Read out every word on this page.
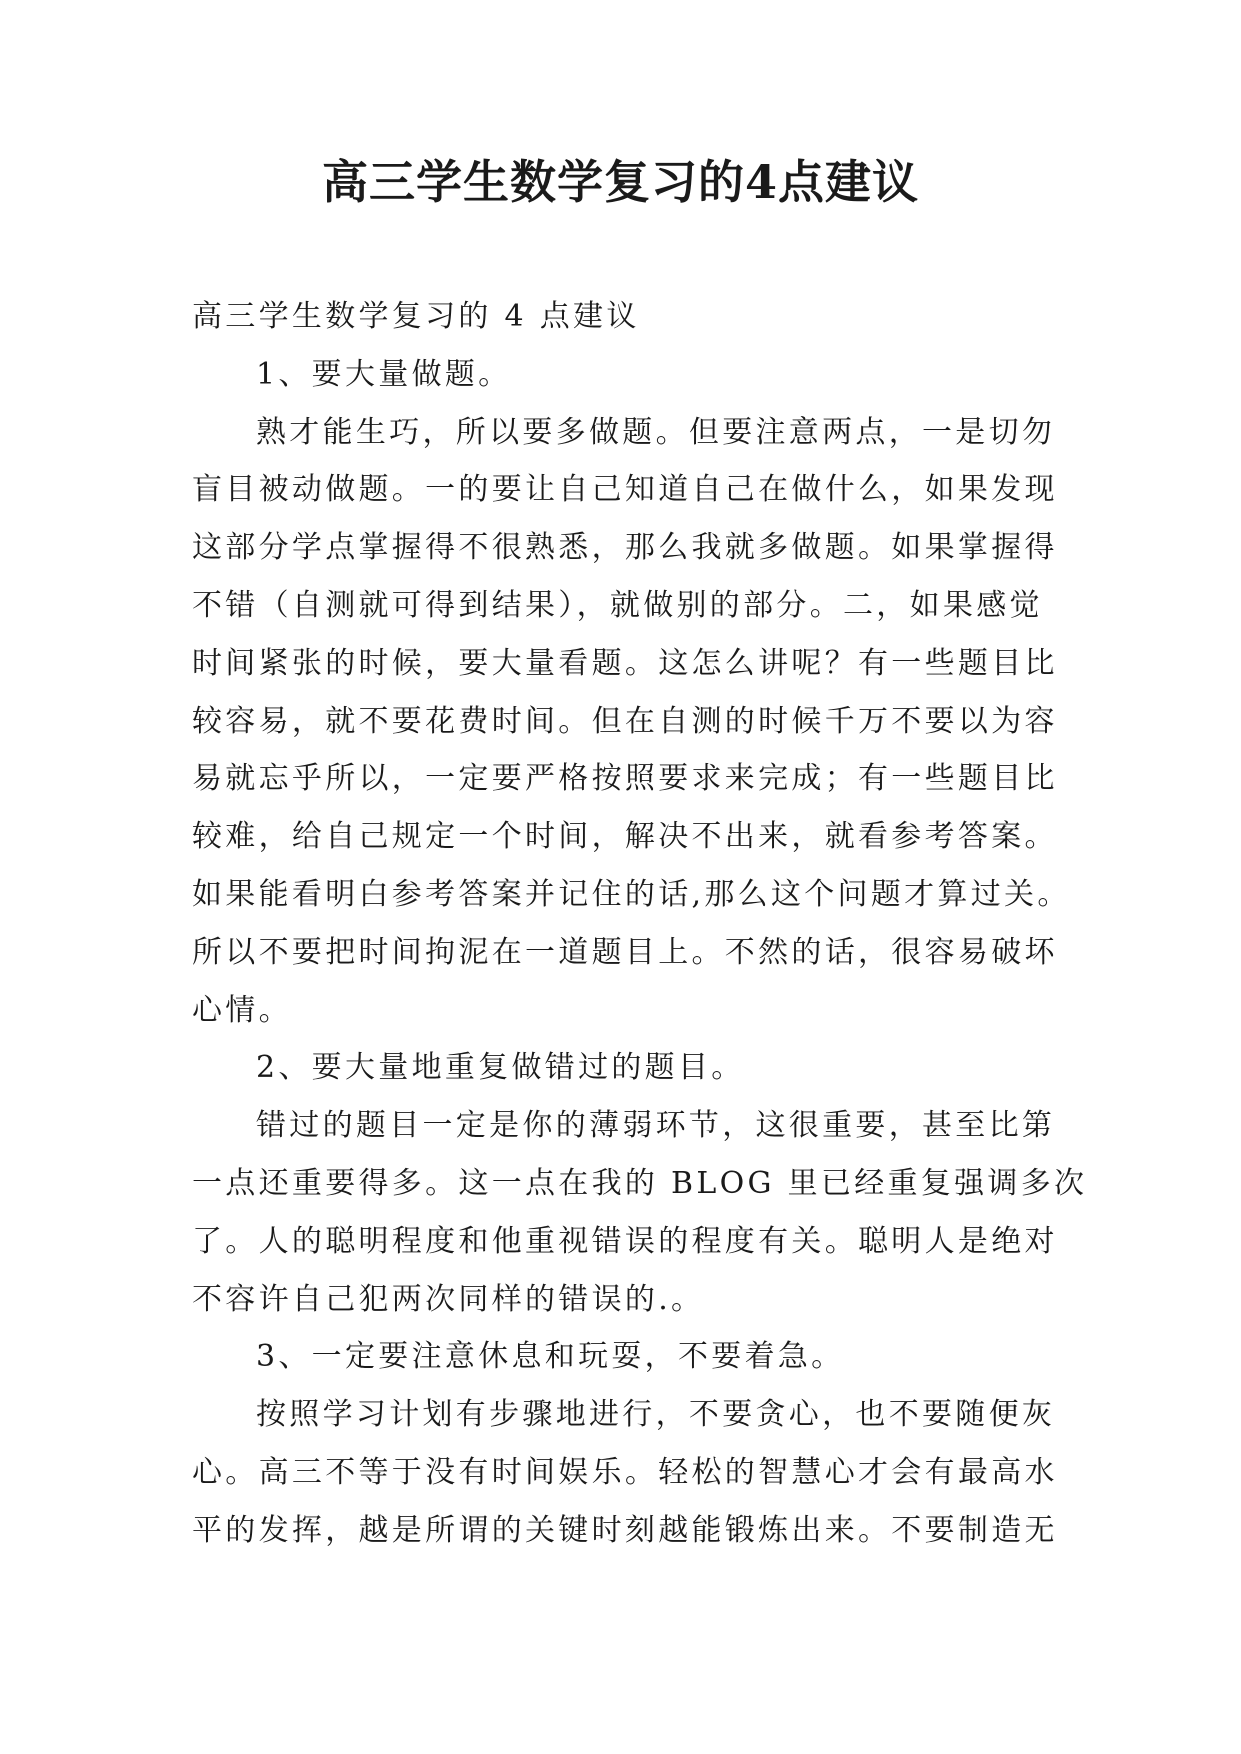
高三学生数学复习的4点建议

高三学生数学复习的 4 点建议

1、要大量做题。

熟才能生巧，所以要多做题。但要注意两点，一是切勿

盲目被动做题。一的要让自己知道自己在做什么，如果发现

这部分学点掌握得不很熟悉，那么我就多做题。如果掌握得

不错（自测就可得到结果），就做别的部分。二，如果感觉

时间紧张的时候，要大量看题。这怎么讲呢？有一些题目比

较容易，就不要花费时间。但在自测的时候千万不要以为容

易就忘乎所以，一定要严格按照要求来完成；有一些题目比

较难，给自己规定一个时间，解决不出来，就看参考答案。

如果能看明白参考答案并记住的话,那么这个问题才算过关。

所以不要把时间拘泥在一道题目上。不然的话，很容易破坏

心情。

2、要大量地重复做错过的题目。

错过的题目一定是你的薄弱环节，这很重要，甚至比第

一点还重要得多。这一点在我的 BLOG 里已经重复强调多次

了。人的聪明程度和他重视错误的程度有关。聪明人是绝对

不容许自己犯两次同样的错误的.。

3、一定要注意休息和玩耍，不要着急。

按照学习计划有步骤地进行，不要贪心，也不要随便灰

心。高三不等于没有时间娱乐。轻松的智慧心才会有最高水

平的发挥，越是所谓的关键时刻越能锻炼出来。不要制造无
